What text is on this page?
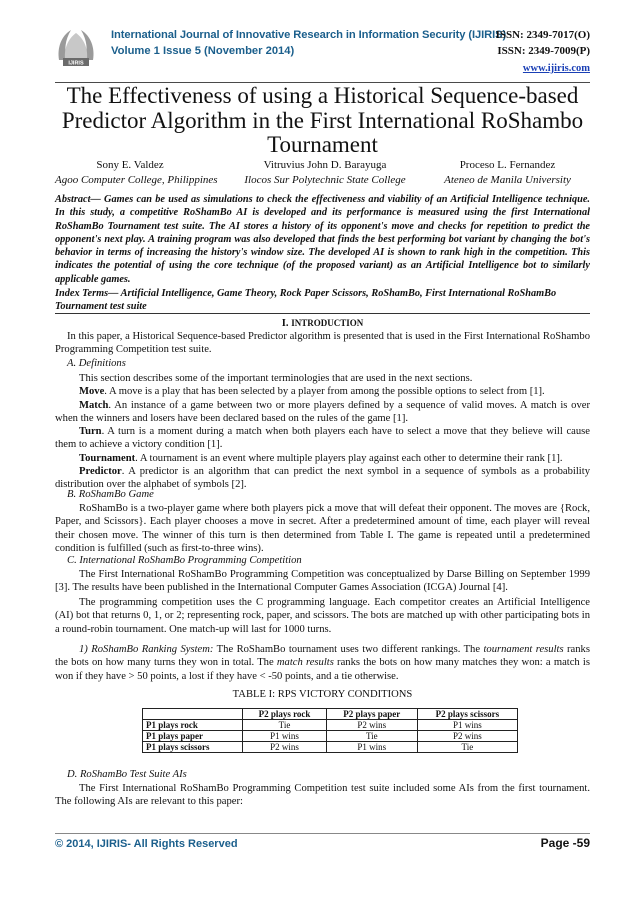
IJIRIS
International Journal of Innovative Research in Information Security (IJIRIS)
ISSN: 2349-7017(O)
Volume 1 Issue 5 (November 2014)	ISSN: 2349-7009(P)
www.ijiris.com
The Effectiveness of using a Historical Sequence-based Predictor Algorithm in the First International RoShambo Tournament
Sony E. Valdez
Agoo Computer College, Philippines
Vitruvius John D. Barayuga
Ilocos Sur Polytechnic State College
Proceso L. Fernandez
Ateneo de Manila University
Abstract— Games can be used as simulations to check the effectiveness and viability of an Artificial Intelligence technique. In this study, a competitive RoShamBo AI is developed and its performance is measured using the first International RoShamBo Tournament test suite. The AI stores a history of its opponent's move and checks for repetition to predict the opponent's next play. A training program was also developed that finds the best performing bot variant by changing the bot's behavior in terms of increasing the history's window size. The developed AI is shown to rank high in the competition. This indicates the potential of using the core technique (of the proposed variant) as an Artificial Intelligence bot to similarly applicable games.
Index Terms— Artificial Intelligence, Game Theory, Rock Paper Scissors, RoShamBo, First International RoShamBo Tournament test suite
I. INTRODUCTION
In this paper, a Historical Sequence-based Predictor algorithm is presented that is used in the First International RoShambo Programming Competition test suite.
A. Definitions
This section describes some of the important terminologies that are used in the next sections.
Move. A move is a play that has been selected by a player from among the possible options to select from [1].
Match. An instance of a game between two or more players defined by a sequence of valid moves. A match is over when the winners and losers have been declared based on the rules of the game [1].
Turn. A turn is a moment during a match when both players each have to select a move that they believe will cause them to achieve a victory condition [1].
Tournament. A tournament is an event where multiple players play against each other to determine their rank [1].
Predictor. A predictor is an algorithm that can predict the next symbol in a sequence of symbols as a probability distribution over the alphabet of symbols [2].
B. RoShamBo Game
RoShamBo is a two-player game where both players pick a move that will defeat their opponent. The moves are {Rock, Paper, and Scissors}. Each player chooses a move in secret. After a predetermined amount of time, each player will reveal their chosen move. The winner of this turn is then determined from Table I. The game is repeated until a predetermined condition is fulfilled (such as first-to-three wins).
C. International RoShamBo Programming Competition
The First International RoShamBo Programming Competition was conceptualized by Darse Billing on September 1999 [3]. The results have been published in the International Computer Games Association (ICGA) Journal [4].
The programming competition uses the C programming language. Each competitor creates an Artificial Intelligence (AI) bot that returns 0, 1, or 2; representing rock, paper, and scissors. The bots are matched up with other participating bots in a round-robin tournament. One match-up will last for 1000 turns.
1) RoShamBo Ranking System: The RoShamBo tournament uses two different rankings. The tournament results ranks the bots on how many turns they won in total. The match results ranks the bots on how many matches they won: a match is won if they have > 50 points, a lost if they have < -50 points, and a tie otherwise.
TABLE I: RPS VICTORY CONDITIONS
	P2 plays rock	P2 plays paper	P2 plays scissors
P1 plays rock	Tie	P2 wins	P1 wins
P1 plays paper	P1 wins	Tie	P2 wins
P1 plays scissors	P2 wins	P1 wins	Tie
D. RoShamBo Test Suite AIs
The First International RoShamBo Programming Competition test suite included some AIs from the first tournament. The following AIs are relevant to this paper:
© 2014, IJIRIS- All Rights Reserved	Page -59
